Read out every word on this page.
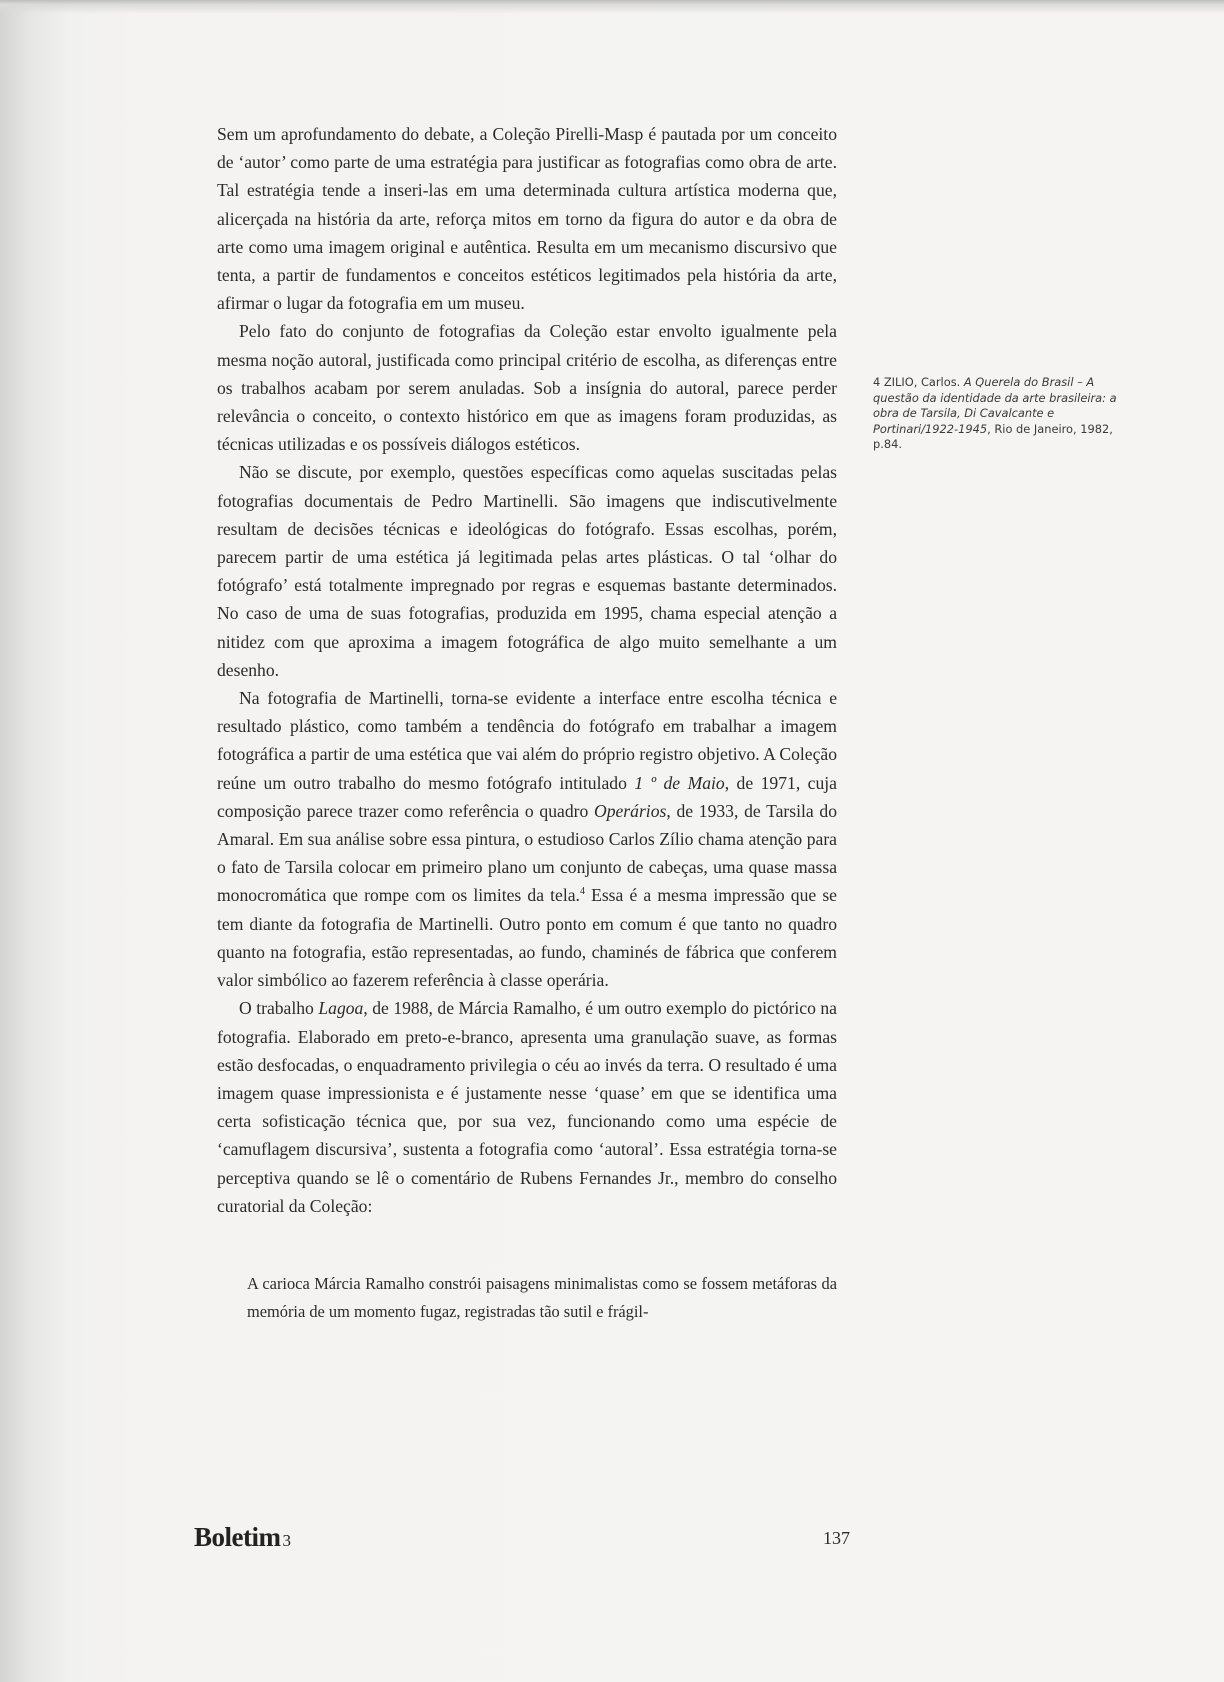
Sem um aprofundamento do debate, a Coleção Pirelli-Masp é pautada por um conceito de ‘autor’ como parte de uma estratégia para justificar as fotografias como obra de arte. Tal estratégia tende a inseri-las em uma determinada cultura artística moderna que, alicerçada na história da arte, reforça mitos em torno da figura do autor e da obra de arte como uma imagem original e autêntica. Resulta em um mecanismo discursivo que tenta, a partir de fundamentos e conceitos estéticos legitimados pela história da arte, afirmar o lugar da fotografia em um museu.

Pelo fato do conjunto de fotografias da Coleção estar envolto igualmente pela mesma noção autoral, justificada como principal critério de escolha, as diferenças entre os trabalhos acabam por serem anuladas. Sob a insígnia do autoral, parece perder relevância o conceito, o contexto histórico em que as imagens foram produzidas, as técnicas utilizadas e os possíveis diálogos estéticos.

Não se discute, por exemplo, questões específicas como aquelas suscitadas pelas fotografias documentais de Pedro Martinelli. São imagens que indiscutivelmente resultam de decisões técnicas e ideológicas do fotógrafo. Essas escolhas, porém, parecem partir de uma estética já legitimada pelas artes plásticas. O tal ‘olhar do fotógrafo’ está totalmente impregnado por regras e esquemas bastante determinados. No caso de uma de suas fotografias, produzida em 1995, chama especial atenção a nitidez com que aproxima a imagem fotográfica de algo muito semelhante a um desenho.

Na fotografia de Martinelli, torna-se evidente a interface entre escolha técnica e resultado plástico, como também a tendência do fotógrafo em trabalhar a imagem fotográfica a partir de uma estética que vai além do próprio registro objetivo. A Coleção reúne um outro trabalho do mesmo fotógrafo intitulado 1 º de Maio, de 1971, cuja composição parece trazer como referência o quadro Operários, de 1933, de Tarsila do Amaral. Em sua análise sobre essa pintura, o estudioso Carlos Zílio chama atenção para o fato de Tarsila colocar em primeiro plano um conjunto de cabeças, uma quase massa monocromática que rompe com os limites da tela.$^4$ Essa é a mesma impressão que se tem diante da fotografia de Martinelli. Outro ponto em comum é que tanto no quadro quanto na fotografia, estão representadas, ao fundo, chaminés de fábrica que conferem valor simbólico ao fazerem referência à classe operária.

O trabalho Lagoa, de 1988, de Márcia Ramalho, é um outro exemplo do pictórico na fotografia. Elaborado em preto-e-branco, apresenta uma granulação suave, as formas estão desfocadas, o enquadramento privilegia o céu ao invés da terra. O resultado é uma imagem quase impressionista e é justamente nesse ‘quase’ em que se identifica uma certa sofisticação técnica que, por sua vez, funcionando como uma espécie de ‘camuflagem discursiva’, sustenta a fotografia como ‘autoral’. Essa estratégia torna-se perceptiva quando se lê o comentário de Rubens Fernandes Jr., membro do conselho curatorial da Coleção:

A carioca Márcia Ramalho constrói paisagens minimalistas como se fossem metáforas da memória de um momento fugaz, registradas tão sutil e frágil-

4 ZILIO, Carlos. A Querela do Brasil – A questão da identidade da arte brasileira: a obra de Tarsila, Di Cavalcante e Portinari/1922-1945, Rio de Janeiro, 1982, p.84.
Boletim 3	137
